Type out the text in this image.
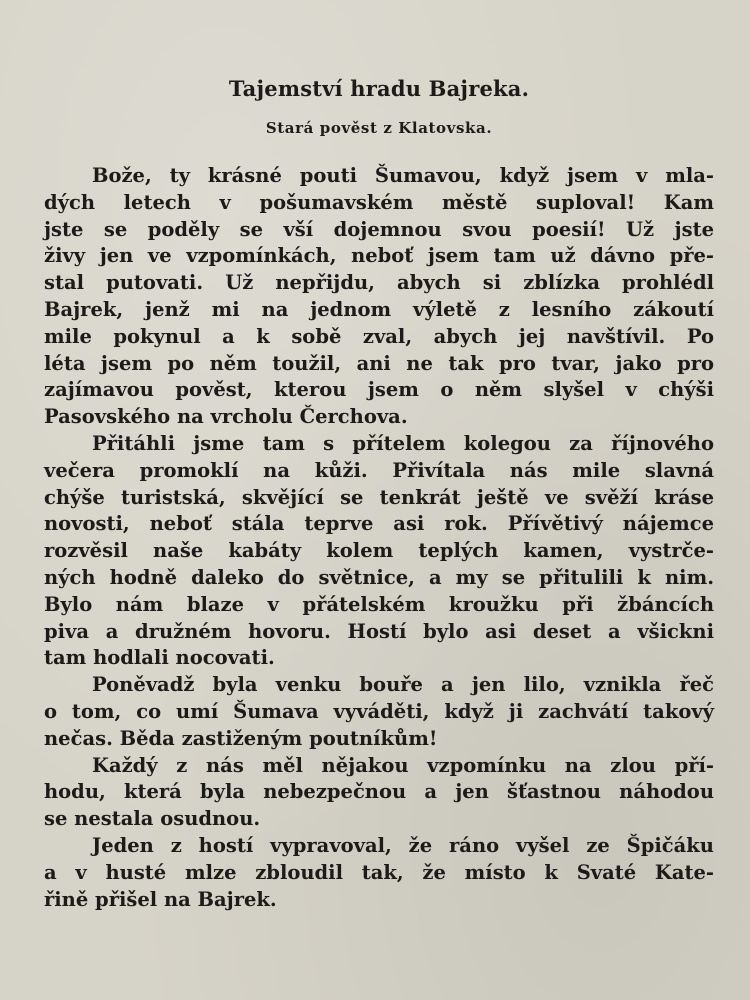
Tajemství hradu Bajreka.
Stará pověst z Klatovska.
Bože, ty krásné pouti Šumavou, když jsem v mla-
dých letech v pošumavském městě suploval! Kam
jste se poděly se vší dojemnou svou poesií! Už jste
živy jen ve vzpomínkách, neboť jsem tam už dávno pře-
stal putovati. Už nepřijdu, abych si zblízka prohlédl
Bajrek, jenž mi na jednom výletě z lesního zákoutí
mile pokynul a k sobě zval, abych jej navštívil. Po
léta jsem po něm toužil, ani ne tak pro tvar, jako pro
zajímavou pověst, kterou jsem o něm slyšel v chýši
Pasovského na vrcholu Čerchova.
Přitáhli jsme tam s přítelem kolegou za říjnového
večera promoklí na kůži. Přivítala nás mile slavná
chýše turistská, skvějící se tenkrát ještě ve svěží kráse
novosti, neboť stála teprve asi rok. Přívětivý nájemce
rozvěsil naše kabáty kolem teplých kamen, vystrče-
ných hodně daleko do světnice, a my se přitulili k nim.
Bylo nám blaze v přátelském kroužku při žbáncích
piva a družném hovoru. Hostí bylo asi deset a všickni
tam hodlali nocovati.
Poněvadž byla venku bouře a jen lilo, vznikla řeč
o tom, co umí Šumava vyváděti, když ji zachvátí takový
nečas. Běda zastiženým poutníkům!
Každý z nás měl nějakou vzpomínku na zlou pří-
hodu, která byla nebezpečnou a jen šťastnou náhodou
se nestala osudnou.
Jeden z hostí vypravoval, že ráno vyšel ze Špičáku
a v husté mlze zbloudil tak, že místo k Svaté Kate-
řině přišel na Bajrek.
